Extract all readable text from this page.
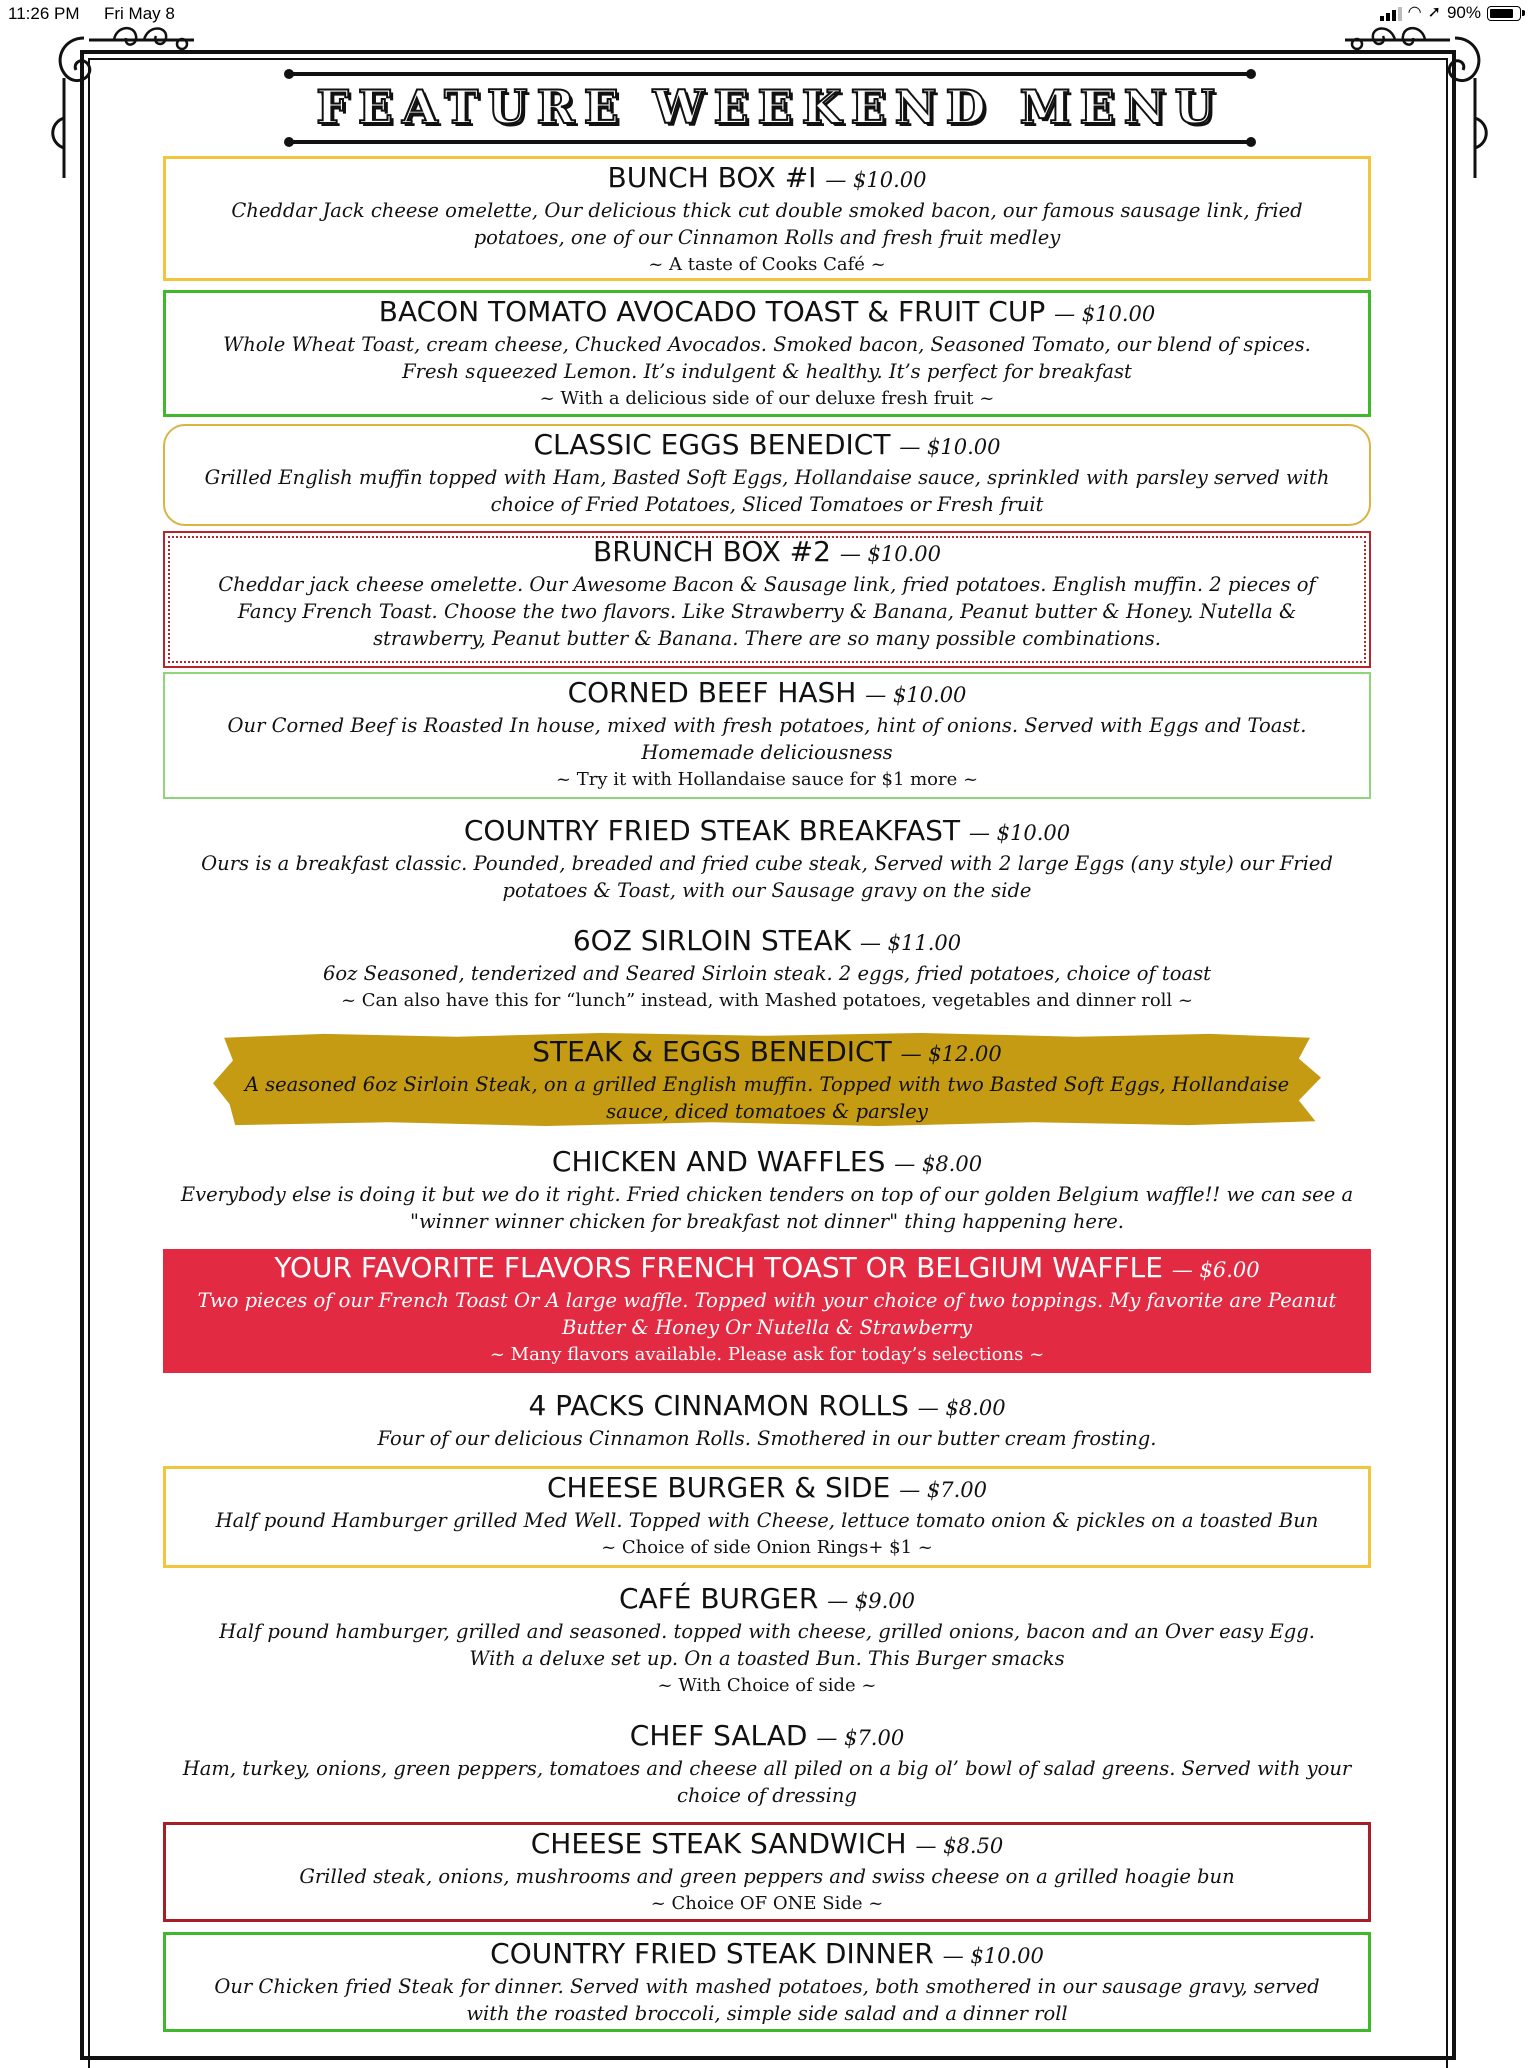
11:26 PM Fri May 8	◠ ➚ 90%
FEATURE WEEKEND MENU
BUNCH BOX #I — $10.00
Cheddar Jack cheese omelette, Our delicious thick cut double smoked bacon, our famous sausage link, fried potatoes, one of our Cinnamon Rolls and fresh fruit medley
~ A taste of Cooks Café ~
BACON TOMATO AVOCADO TOAST & FRUIT CUP — $10.00
Whole Wheat Toast, cream cheese, Chucked Avocados. Smoked bacon, Seasoned Tomato, our blend of spices. Fresh squeezed Lemon. It’s indulgent & healthy. It’s perfect for breakfast
~ With a delicious side of our deluxe fresh fruit ~
CLASSIC EGGS BENEDICT — $10.00
Grilled English muffin topped with Ham, Basted Soft Eggs, Hollandaise sauce, sprinkled with parsley served with choice of Fried Potatoes, Sliced Tomatoes or Fresh fruit
BRUNCH BOX #2 — $10.00
Cheddar jack cheese omelette. Our Awesome Bacon & Sausage link, fried potatoes. English muffin. 2 pieces of Fancy French Toast. Choose the two flavors. Like Strawberry & Banana, Peanut butter & Honey. Nutella & strawberry, Peanut butter & Banana. There are so many possible combinations.
CORNED BEEF HASH — $10.00
Our Corned Beef is Roasted In house, mixed with fresh potatoes, hint of onions. Served with Eggs and Toast. Homemade deliciousness
~ Try it with Hollandaise sauce for $1 more ~
COUNTRY FRIED STEAK BREAKFAST — $10.00
Ours is a breakfast classic. Pounded, breaded and fried cube steak, Served with 2 large Eggs (any style) our Fried potatoes & Toast, with our Sausage gravy on the side
6OZ SIRLOIN STEAK — $11.00
6oz Seasoned, tenderized and Seared Sirloin steak. 2 eggs, fried potatoes, choice of toast
~ Can also have this for “lunch” instead, with Mashed potatoes, vegetables and dinner roll ~
STEAK & EGGS BENEDICT — $12.00
A seasoned 6oz Sirloin Steak, on a grilled English muffin. Topped with two Basted Soft Eggs, Hollandaise sauce, diced tomatoes & parsley
CHICKEN AND WAFFLES — $8.00
Everybody else is doing it but we do it right. Fried chicken tenders on top of our golden Belgium waffle!! we can see a "winner winner chicken for breakfast not dinner" thing happening here.
YOUR FAVORITE FLAVORS FRENCH TOAST OR BELGIUM WAFFLE — $6.00
Two pieces of our French Toast Or A large waffle. Topped with your choice of two toppings. My favorite are Peanut Butter & Honey Or Nutella & Strawberry
~ Many flavors available. Please ask for today’s selections ~
4 PACKS CINNAMON ROLLS — $8.00
Four of our delicious Cinnamon Rolls. Smothered in our butter cream frosting.
CHEESE BURGER & SIDE — $7.00
Half pound Hamburger grilled Med Well. Topped with Cheese, lettuce tomato onion & pickles on a toasted Bun
~ Choice of side Onion Rings+ $1 ~
CAFÉ BURGER — $9.00
Half pound hamburger, grilled and seasoned. topped with cheese, grilled onions, bacon and an Over easy Egg. With a deluxe set up. On a toasted Bun. This Burger smacks
~ With Choice of side ~
CHEF SALAD — $7.00
Ham, turkey, onions, green peppers, tomatoes and cheese all piled on a big ol’ bowl of salad greens. Served with your choice of dressing
CHEESE STEAK SANDWICH — $8.50
Grilled steak, onions, mushrooms and green peppers and swiss cheese on a grilled hoagie bun
~ Choice OF ONE Side ~
COUNTRY FRIED STEAK DINNER — $10.00
Our Chicken fried Steak for dinner. Served with mashed potatoes, both smothered in our sausage gravy, served with the roasted broccoli, simple side salad and a dinner roll
